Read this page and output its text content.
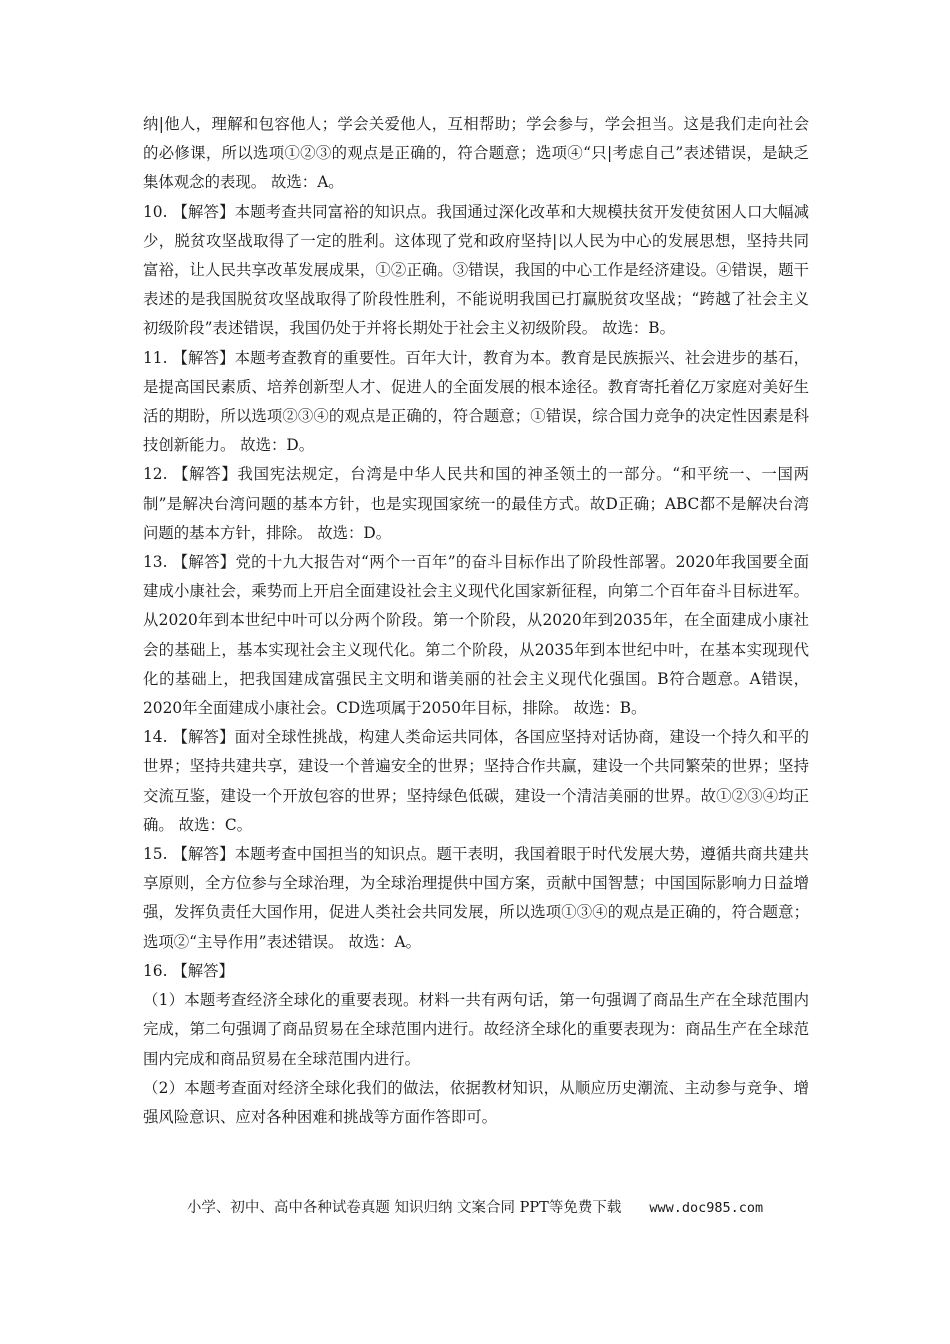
纳|他人，理解和包容他人；学会关爱他人，互相帮助；学会参与，学会担当。这是我们走向社会的必修课，所以选项①②③的观点是正确的，符合题意；选项④“只|考虑自己”表述错误，是缺乏集体观念的表现。 故选：A。

10. 【解答】本题考查共同富裕的知识点。我国通过深化改革和大规模扶贫开发使贫困人口大幅减少，脱贫攻坚战取得了一定的胜利。这体现了党和政府坚持|以人民为中心的发展思想，坚持共同富裕，让人民共享改革发展成果，①②正确。③错误，我国的中心工作是经济建设。④错误，题干表述的是我国脱贫攻坚战取得了阶段性胜利，不能说明我国已打赢脱贫攻坚战；“跨越了社会主义初级阶段”表述错误，我国仍处于并将长期处于社会主义初级阶段。 故选：B。

11. 【解答】本题考查教育的重要性。百年大计，教育为本。教育是民族振兴、社会进步的基石，是提高国民素质、培养创新型人才、促进人的全面发展的根本途径。教育寄托着亿万家庭对美好生活的期盼，所以选项②③④的观点是正确的，符合题意；①错误，综合国力竞争的决定性因素是科技创新能力。 故选：D。

12. 【解答】我国宪法规定，台湾是中华人民共和国的神圣领土的一部分。“和平统一、一国两制”是解决台湾问题的基本方针，也是实现国家统一的最佳方式。故D正确；ABC都不是解决台湾问题的基本方针，排除。 故选：D。

13. 【解答】党的十九大报告对“两个一百年”的奋斗目标作出了阶段性部署。2020年我国要全面建成小康社会，乘势而上开启全面建设社会主义现代化国家新征程，向第二个百年奋斗目标进军。从2020年到本世纪中叶可以分两个阶段。第一个阶段，从2020年到2035年，在全面建成小康社会的基础上，基本实现社会主义现代化。第二个阶段，从2035年到本世纪中叶，在基本实现现代化的基础上，把我国建成富强民主文明和谐美丽的社会主义现代化强国。B符合题意。A错误，2020年全面建成小康社会。CD选项属于2050年目标，排除。 故选：B。

14. 【解答】面对全球性挑战，构建人类命运共同体，各国应坚持对话协商，建设一个持久和平的世界；坚持共建共享，建设一个普遍安全的世界；坚持合作共赢，建设一个共同繁荣的世界；坚持交流互鉴，建设一个开放包容的世界；坚持绿色低碳，建设一个清洁美丽的世界。故①②③④均正确。 故选：C。

15. 【解答】本题考查中国担当的知识点。题干表明，我国着眼于时代发展大势，遵循共商共建共享原则，全方位参与全球治理，为全球治理提供中国方案，贡献中国智慧；中国国际影响力日益增强，发挥负责任大国作用，促进人类社会共同发展，所以选项①③④的观点是正确的，符合题意；选项②“主导作用”表述错误。 故选：A。

16. 【解答】

（1）本题考查经济全球化的重要表现。材料一共有两句话，第一句强调了商品生产在全球范围内完成，第二句强调了商品贸易在全球范围内进行。故经济全球化的重要表现为：商品生产在全球范围内完成和商品贸易在全球范围内进行。

（2）本题考查面对经济全球化我们的做法，依据教材知识，从顺应历史潮流、主动参与竞争、增强风险意识、应对各种困难和挑战等方面作答即可。

小学、初中、高中各种试卷真题 知识归纳 文案合同 PPT等免费下载 www.doc985.com
